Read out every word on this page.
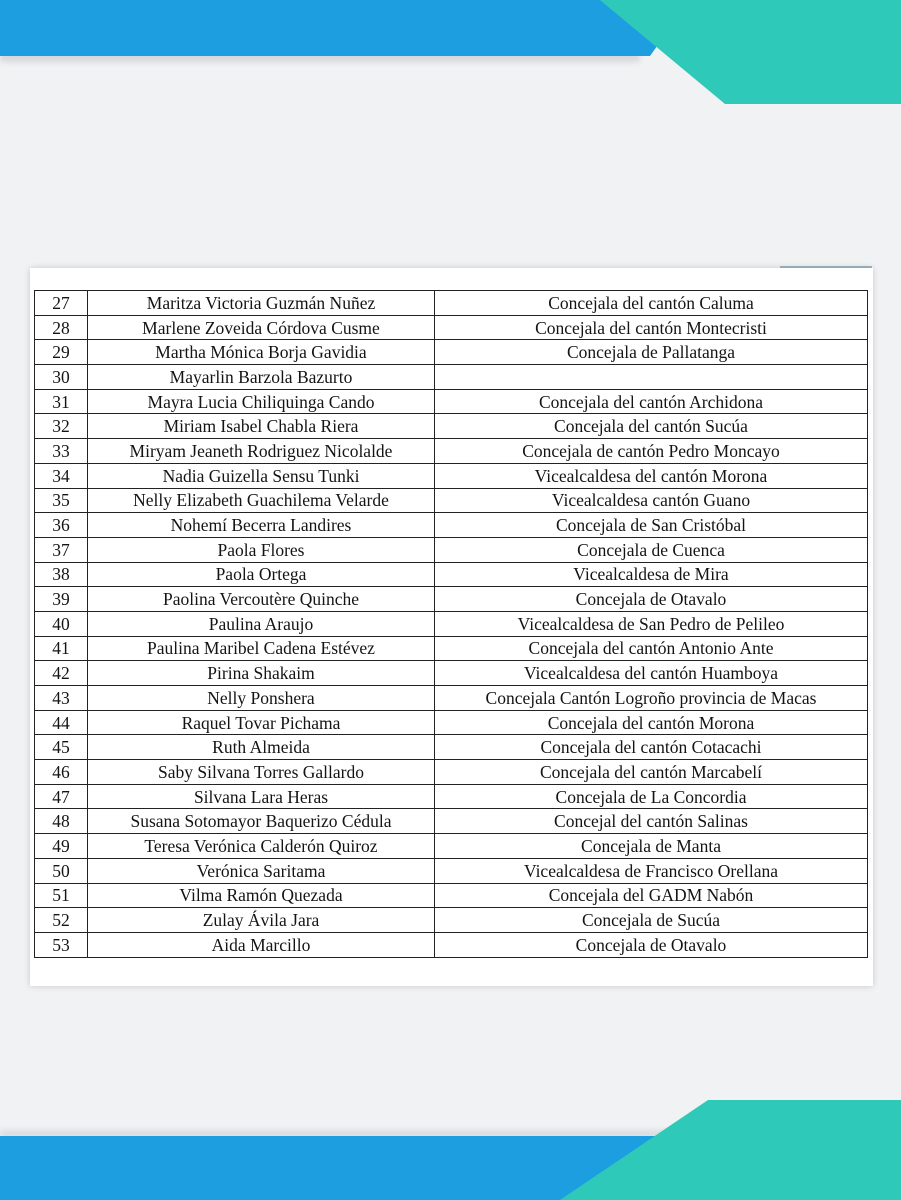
27	Maritza Victoria Guzmán Nuñez	Concejala del cantón Caluma
28	Marlene Zoveida Córdova Cusme	Concejala del cantón Montecristi
29	Martha Mónica Borja Gavidia	Concejala de Pallatanga
30	Mayarlin Barzola Bazurto	
31	Mayra Lucia Chiliquinga Cando	Concejala del cantón Archidona
32	Miriam Isabel Chabla Riera	Concejala del cantón Sucúa
33	Miryam Jeaneth Rodriguez Nicolalde	Concejala de cantón Pedro Moncayo
34	Nadia Guizella Sensu Tunki	Vicealcaldesa del cantón Morona
35	Nelly Elizabeth Guachilema Velarde	Vicealcaldesa cantón Guano
36	Nohemí Becerra Landires	Concejala de San Cristóbal
37	Paola Flores	Concejala de Cuenca
38	Paola Ortega	Vicealcaldesa de Mira
39	Paolina Vercoutère Quinche	Concejala de Otavalo
40	Paulina Araujo	Vicealcaldesa de San Pedro de Pelileo
41	Paulina Maribel Cadena Estévez	Concejala del cantón Antonio Ante
42	Pirina Shakaim	Vicealcaldesa del cantón Huamboya
43	Nelly Ponshera	Concejala Cantón Logroño provincia de Macas
44	Raquel Tovar Pichama	Concejala del cantón Morona
45	Ruth Almeida	Concejala del cantón Cotacachi
46	Saby Silvana Torres Gallardo	Concejala del cantón Marcabelí
47	Silvana Lara Heras	Concejala de La Concordia
48	Susana Sotomayor Baquerizo Cédula	Concejal del cantón Salinas
49	Teresa Verónica Calderón Quiroz	Concejala de Manta
50	Verónica Saritama	Vicealcaldesa de Francisco Orellana
51	Vilma Ramón Quezada	Concejala del GADM Nabón
52	Zulay Ávila Jara	Concejala de Sucúa
53	Aida Marcillo	Concejala de Otavalo
